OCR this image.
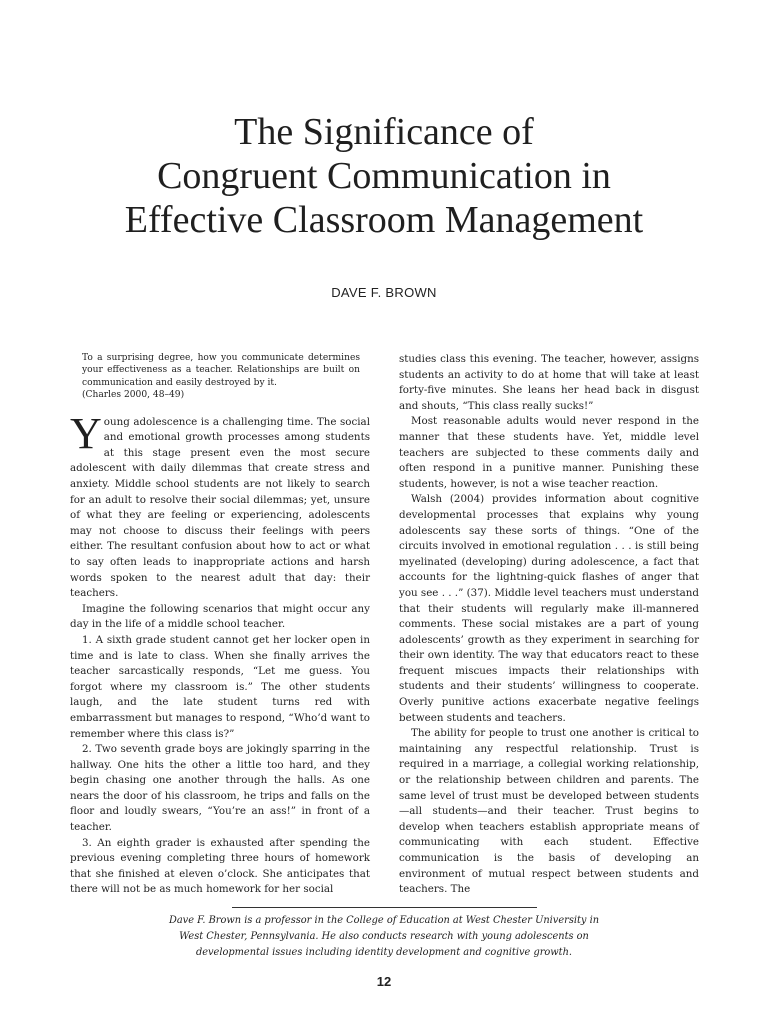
The Significance of
Congruent Communication in
Effective Classroom Management
DAVE F. BROWN

To a surprising degree, how you communicate determines your effectiveness as a teacher. Relationships are built on communication and easily destroyed by it.

(Charles 2000, 48–49)

Young adolescence is a challenging time. The social and emotional growth processes among students at this stage present even the most secure adolescent with daily dilemmas that create stress and anxiety. Middle school students are not likely to search for an adult to resolve their social dilemmas; yet, unsure of what they are feeling or experiencing, adolescents may not choose to discuss their feelings with peers either. The resultant confusion about how to act or what to say often leads to inappropriate actions and harsh words spoken to the nearest adult that day: their teachers.

Imagine the following scenarios that might occur any day in the life of a middle school teacher.

1. A sixth grade student cannot get her locker open in time and is late to class. When she finally arrives the teacher sarcastically responds, “Let me guess. You forgot where my classroom is.” The other students laugh, and the late student turns red with embarrassment but manages to respond, “Who’d want to remember where this class is?”

2. Two seventh grade boys are jokingly sparring in the hallway. One hits the other a little too hard, and they begin chasing one another through the halls. As one nears the door of his classroom, he trips and falls on the floor and loudly swears, “You’re an ass!” in front of a teacher.

3. An eighth grader is exhausted after spending the previous evening completing three hours of homework that she finished at eleven o’clock. She anticipates that there will not be as much homework for her social

studies class this evening. The teacher, however, assigns students an activity to do at home that will take at least forty-five minutes. She leans her head back in disgust and shouts, “This class really sucks!”

Most reasonable adults would never respond in the manner that these students have. Yet, middle level teachers are subjected to these comments daily and often respond in a punitive manner. Punishing these students, however, is not a wise teacher reaction.

Walsh (2004) provides information about cognitive developmental processes that explains why young adolescents say these sorts of things. “One of the circuits involved in emotional regulation . . . is still being myelinated (developing) during adolescence, a fact that accounts for the lightning-quick flashes of anger that you see . . .” (37). Middle level teachers must understand that their students will regularly make ill-mannered comments. These social mistakes are a part of young adolescents’ growth as they experiment in searching for their own identity. The way that educators react to these frequent miscues impacts their relationships with students and their students’ willingness to cooperate. Overly punitive actions exacerbate negative feelings between students and teachers.

The ability for people to trust one another is critical to maintaining any respectful relationship. Trust is required in a marriage, a collegial working relationship, or the relationship between children and parents. The same level of trust must be developed between students—all students—and their teacher. Trust begins to develop when teachers establish appropriate means of communicating with each student. Effective communication is the basis of developing an environment of mutual respect between students and teachers. The

Dave F. Brown is a professor in the College of Education at West Chester University in
West Chester, Pennsylvania. He also conducts research with young adolescents on
developmental issues including identity development and cognitive growth.
12
